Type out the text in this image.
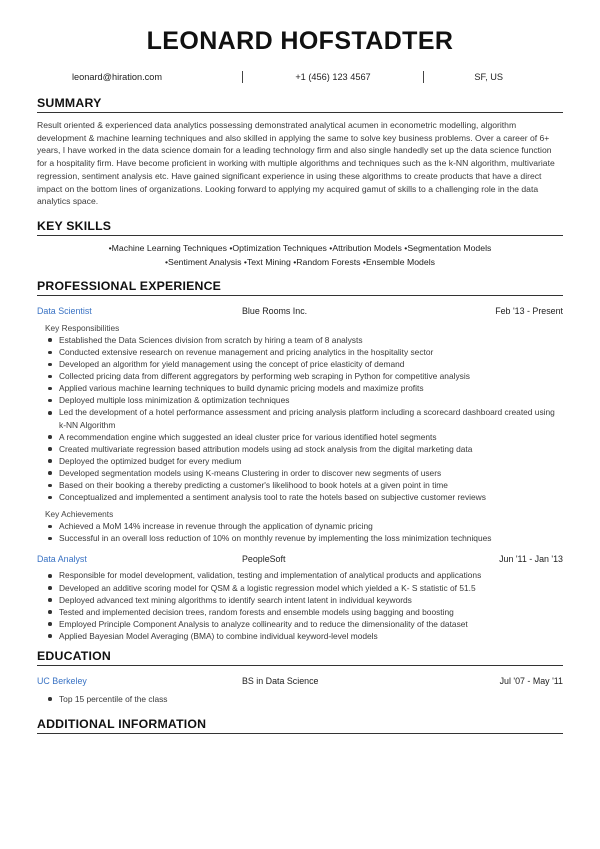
LEONARD HOFSTADTER
leonard@hiration.com	+1 (456) 123 4567	SF, US
SUMMARY

Result oriented & experienced data analytics possessing demonstrated analytical acumen in econometric modelling, algorithm development & machine learning techniques and also skilled in applying the same to solve key business problems. Over a career of 6+ years, I have worked in the data science domain for a leading technology firm and also single handedly set up the data science function for a hospitality firm. Have become proficient in working with multiple algorithms and techniques such as the k-NN algorithm, multivariate regression, sentiment analysis etc. Have gained significant experience in using these algorithms to create products that have a direct impact on the bottom lines of organizations. Looking forward to applying my acquired gamut of skills to a challenging role in the data analytics space.

KEY SKILLS
•Machine Learning Techniques •Optimization Techniques •Attribution Models •Segmentation Models
•Sentiment Analysis •Text Mining •Random Forests •Ensemble Models
PROFESSIONAL EXPERIENCE
Data Scientist	Blue Rooms Inc.	Feb '13 - Present
Key Responsibilities
Established the Data Sciences division from scratch by hiring a team of 8 analysts
Conducted extensive research on revenue management and pricing analytics in the hospitality sector
Developed an algorithm for yield management using the concept of price elasticity of demand
Collected pricing data from different aggregators by performing web scraping in Python for competitive analysis
Applied various machine learning techniques to build dynamic pricing models and maximize profits
Deployed multiple loss minimization & optimization techniques
Led the development of a hotel performance assessment and pricing analysis platform including a scorecard dashboard created using k-NN Algorithm
A recommendation engine which suggested an ideal cluster price for various identified hotel segments
Created multivariate regression based attribution models using ad stock analysis from the digital marketing data
Deployed the optimized budget for every medium
Developed segmentation models using K-means Clustering in order to discover new segments of users
Based on their booking a thereby predicting a customer's likelihood to book hotels at a given point in time
Conceptualized and implemented a sentiment analysis tool to rate the hotels based on subjective customer reviews
Key Achievements
Achieved a MoM 14% increase in revenue through the application of dynamic pricing
Successful in an overall loss reduction of 10% on monthly revenue by implementing the loss minimization techniques
Data Analyst	PeopleSoft	Jun '11 - Jan '13
Responsible for model development, validation, testing and implementation of analytical products and applications
Developed an additive scoring model for QSM & a logistic regression model which yielded a K- S statistic of 51.5
Deployed advanced text mining algorithms to identify search intent latent in individual keywords
Tested and implemented decision trees, random forests and ensemble models using bagging and boosting
Employed Principle Component Analysis to analyze collinearity and to reduce the dimensionality of the dataset
Applied Bayesian Model Averaging (BMA) to combine individual keyword-level models
EDUCATION
UC Berkeley	BS in Data Science	Jul '07 - May '11
Top 15 percentile of the class
ADDITIONAL INFORMATION
